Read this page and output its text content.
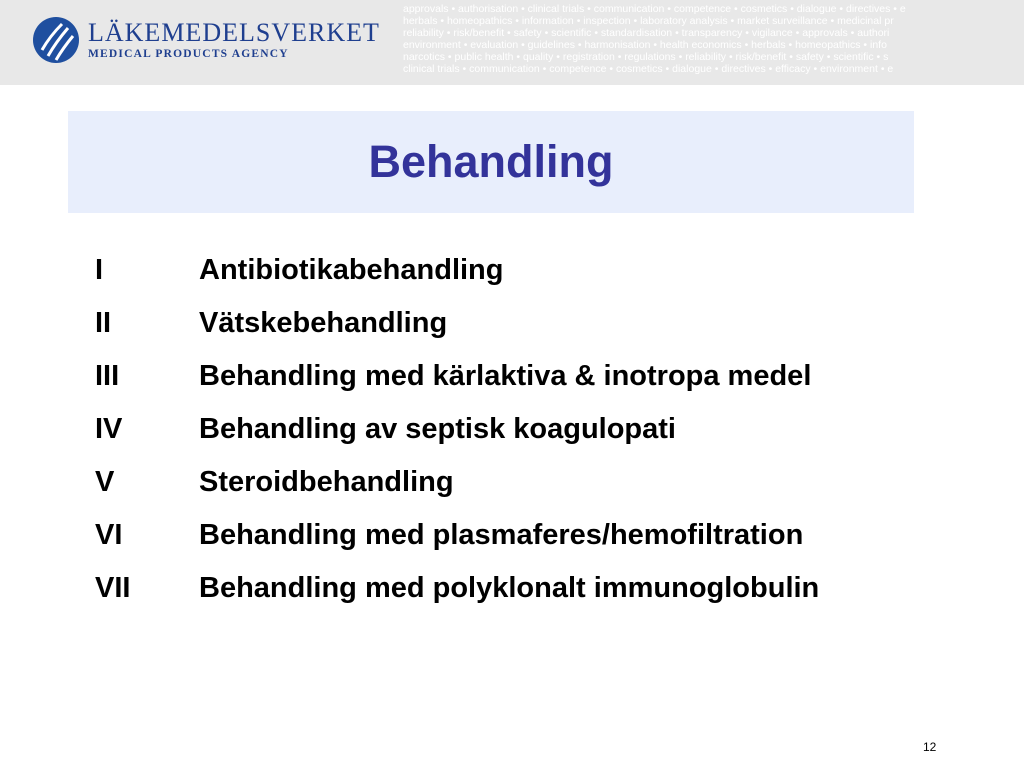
LÄKEMEDELSVERKET
MEDICAL PRODUCTS AGENCY
approvals • authorisation • clinical trials • communication • competence • cosmetics • dialogue • directives • e
herbals • homeopathics • information • inspection • laboratory analysis • market surveillance • medicinal pr
reliability • risk/benefit • safety • scientific • standardisation • transparency • vigilance • approvals • authori
environment • evaluation • guidelines • harmonisation • health economics • herbals • homeopathics • info
narcotics • public health • quality • registration • regulations • reliability • risk/benefit • safety • scientific • s
clinical trials • communication • competence • cosmetics • dialogue • directives • efficacy • environment • e
Behandling
I	Antibiotikabehandling
II	Vätskebehandling
III	Behandling med kärlaktiva & inotropa medel
IV	Behandling av septisk koagulopati
V	Steroidbehandling
VI	Behandling med plasmaferes/hemofiltration
VII	Behandling med polyklonalt immunoglobulin
12
